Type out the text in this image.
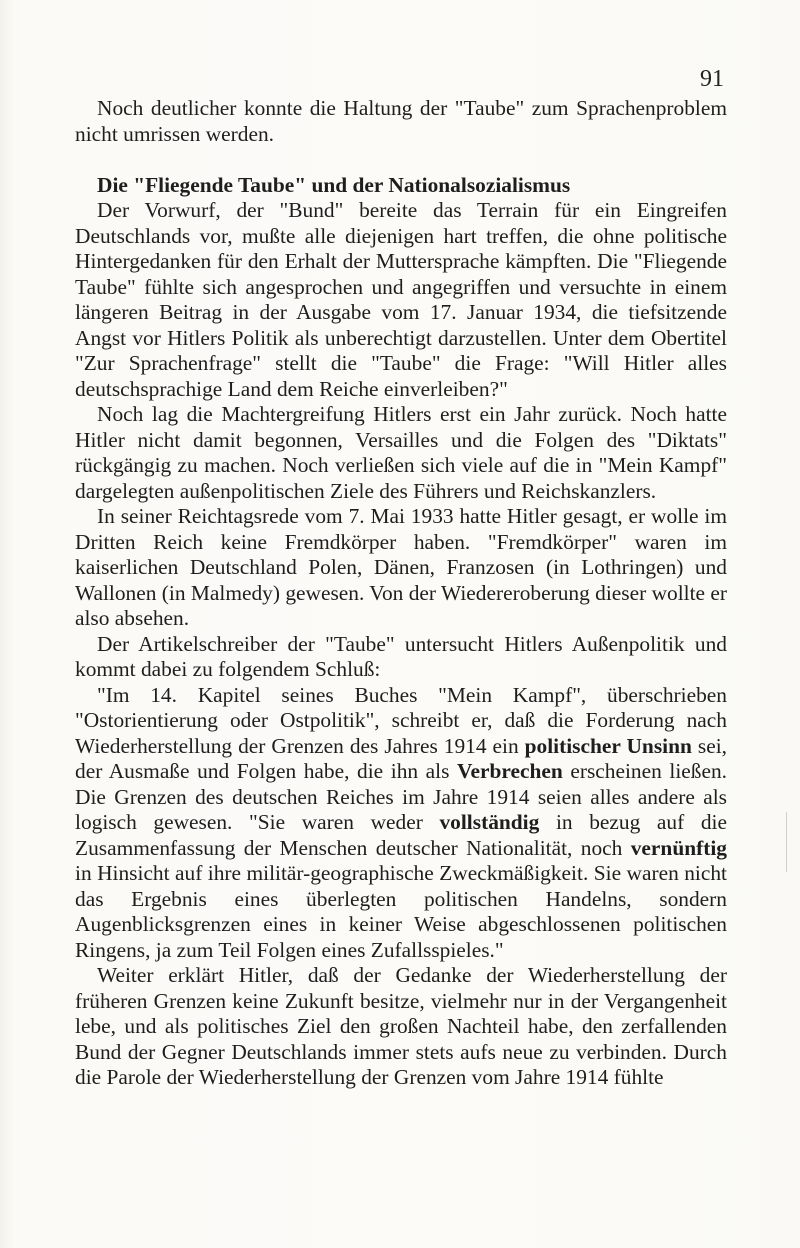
91

Noch deutlicher konnte die Haltung der "Taube" zum Sprachenproblem nicht umrissen werden.

Die "Fliegende Taube" und der Nationalsozialismus

Der Vorwurf, der "Bund" bereite das Terrain für ein Eingreifen Deutschlands vor, mußte alle diejenigen hart treffen, die ohne politische Hintergedanken für den Erhalt der Muttersprache kämpften. Die "Fliegende Taube" fühlte sich angesprochen und angegriffen und versuchte in einem längeren Beitrag in der Ausgabe vom 17. Januar 1934, die tiefsitzende Angst vor Hitlers Politik als unberechtigt darzustellen. Unter dem Obertitel "Zur Sprachenfrage" stellt die "Taube" die Frage: "Will Hitler alles deutschsprachige Land dem Reiche einverleiben?"

Noch lag die Machtergreifung Hitlers erst ein Jahr zurück. Noch hatte Hitler nicht damit begonnen, Versailles und die Folgen des "Diktats" rückgängig zu machen. Noch verließen sich viele auf die in "Mein Kampf" dargelegten außenpolitischen Ziele des Führers und Reichskanzlers.

In seiner Reichtagsrede vom 7. Mai 1933 hatte Hitler gesagt, er wolle im Dritten Reich keine Fremdkörper haben. "Fremdkörper" waren im kaiserlichen Deutschland Polen, Dänen, Franzosen (in Lothringen) und Wallonen (in Malmedy) gewesen. Von der Wiedereroberung dieser wollte er also absehen.

Der Artikelschreiber der "Taube" untersucht Hitlers Außenpolitik und kommt dabei zu folgendem Schluß:

"Im 14. Kapitel seines Buches "Mein Kampf", überschrieben "Ostorientierung oder Ostpolitik", schreibt er, daß die Forderung nach Wiederherstellung der Grenzen des Jahres 1914 ein politischer Unsinn sei, der Ausmaße und Folgen habe, die ihn als Verbrechen erscheinen ließen. Die Grenzen des deutschen Reiches im Jahre 1914 seien alles andere als logisch gewesen. "Sie waren weder vollständig in bezug auf die Zusammenfassung der Menschen deutscher Nationalität, noch vernünftig in Hinsicht auf ihre militär-geographische Zweckmäßigkeit. Sie waren nicht das Ergebnis eines überlegten politischen Handelns, sondern Augenblicksgrenzen eines in keiner Weise abgeschlossenen politischen Ringens, ja zum Teil Folgen eines Zufallsspieles."

Weiter erklärt Hitler, daß der Gedanke der Wiederherstellung der früheren Grenzen keine Zukunft besitze, vielmehr nur in der Vergangenheit lebe, und als politisches Ziel den großen Nachteil habe, den zerfallenden Bund der Gegner Deutschlands immer stets aufs neue zu verbinden. Durch die Parole der Wiederherstellung der Grenzen vom Jahre 1914 fühlte
